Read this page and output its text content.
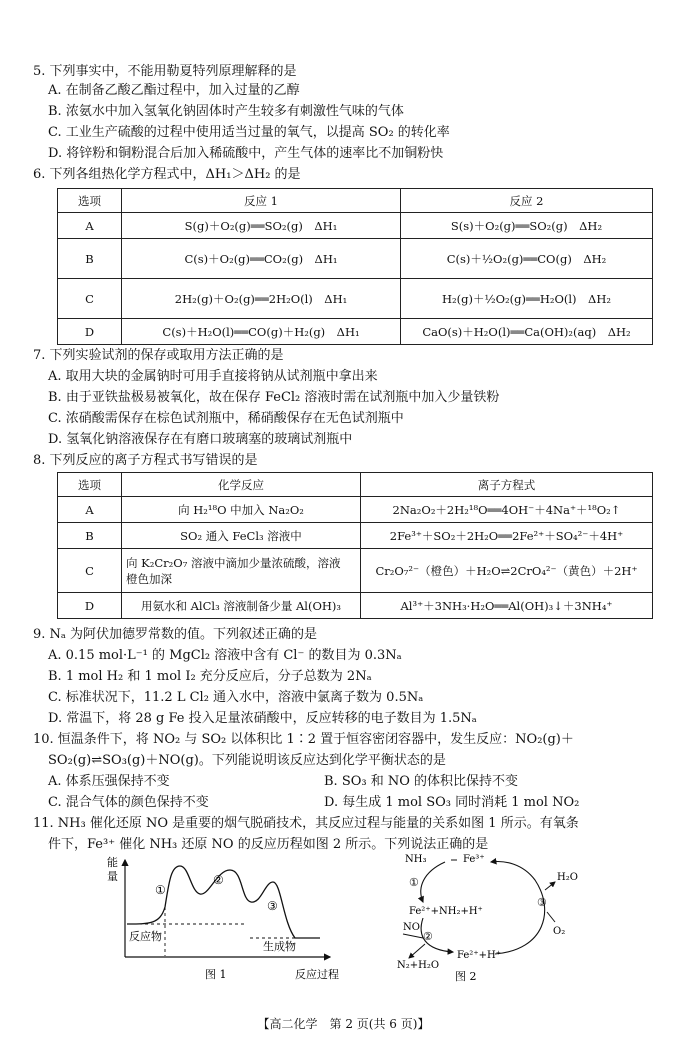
5. 下列事实中，不能用勒夏特列原理解释的是
A. 在制备乙酸乙酯过程中，加入过量的乙醇
B. 浓氨水中加入氢氧化钠固体时产生较多有刺激性气味的气体
C. 工业生产硫酸的过程中使用适当过量的氧气，以提高 SO₂ 的转化率
D. 将锌粉和铜粉混合后加入稀硫酸中，产生气体的速率比不加铜粉快
6. 下列各组热化学方程式中，ΔH₁＞ΔH₂ 的是
选项	反应 1	反应 2
A	S(g)＋O₂(g)══SO₂(g)　ΔH₁	S(s)＋O₂(g)══SO₂(g)　ΔH₂
B	C(s)＋O₂(g)══CO₂(g)　ΔH₁	C(s)＋½O₂(g)══CO(g)　ΔH₂
C	2H₂(g)＋O₂(g)══2H₂O(l)　ΔH₁	H₂(g)＋½O₂(g)══H₂O(l)　ΔH₂
D	C(s)＋H₂O(l)══CO(g)＋H₂(g)　ΔH₁	CaO(s)＋H₂O(l)══Ca(OH)₂(aq)　ΔH₂
7. 下列实验试剂的保存或取用方法正确的是
A. 取用大块的金属钠时可用手直接将钠从试剂瓶中拿出来
B. 由于亚铁盐极易被氧化，故在保存 FeCl₂ 溶液时需在试剂瓶中加入少量铁粉
C. 浓硝酸需保存在棕色试剂瓶中，稀硝酸保存在无色试剂瓶中
D. 氢氧化钠溶液保存在有磨口玻璃塞的玻璃试剂瓶中
8. 下列反应的离子方程式书写错误的是
选项	化学反应	离子方程式
A	向 H₂¹⁸O 中加入 Na₂O₂	2Na₂O₂＋2H₂¹⁸O══4OH⁻＋4Na⁺＋¹⁸O₂↑
B	SO₂ 通入 FeCl₃ 溶液中	2Fe³⁺＋SO₂＋2H₂O══2Fe²⁺＋SO₄²⁻＋4H⁺
C	向 K₂Cr₂O₇ 溶液中滴加少量浓硫酸，溶液
橙色加深	Cr₂O₇²⁻（橙色）＋H₂O⇌2CrO₄²⁻（黄色）＋2H⁺
D	用氨水和 AlCl₃ 溶液制备少量 Al(OH)₃	Al³⁺＋3NH₃·H₂O══Al(OH)₃↓＋3NH₄⁺
9. Nₐ 为阿伏加德罗常数的值。下列叙述正确的是
A. 0.15 mol·L⁻¹ 的 MgCl₂ 溶液中含有 Cl⁻ 的数目为 0.3Nₐ
B. 1 mol H₂ 和 1 mol I₂ 充分反应后，分子总数为 2Nₐ
C. 标准状况下，11.2 L Cl₂ 通入水中，溶液中氯离子数为 0.5Nₐ
D. 常温下，将 28 g Fe 投入足量浓硝酸中，反应转移的电子数目为 1.5Nₐ
10. 恒温条件下，将 NO₂ 与 SO₂ 以体积比 1∶2 置于恒容密闭容器中，发生反应：NO₂(g)＋
SO₂(g)⇌SO₃(g)＋NO(g)。下列能说明该反应达到化学平衡状态的是
A. 体系压强保持不变	B. SO₃ 和 NO 的体积比保持不变
C. 混合气体的颜色保持不变	D. 每生成 1 mol SO₃ 同时消耗 1 mol NO₂
11. NH₃ 催化还原 NO 是重要的烟气脱硝技术，其反应过程与能量的关系如图 1 所示。有氧条
件下，Fe³⁺ 催化 NH₃ 还原 NO 的反应历程如图 2 所示。下列说法正确的是
能
量
反应物
生成物
①
②
③
图 1	反应过程
NH₃	Fe³⁺
H₂O
①
Fe²⁺+NH₂+H⁺
③
NO
②	O₂
N₂+H₂O
Fe²⁺+H⁺
图 2
【高二化学　第 2 页(共 6 页)】
